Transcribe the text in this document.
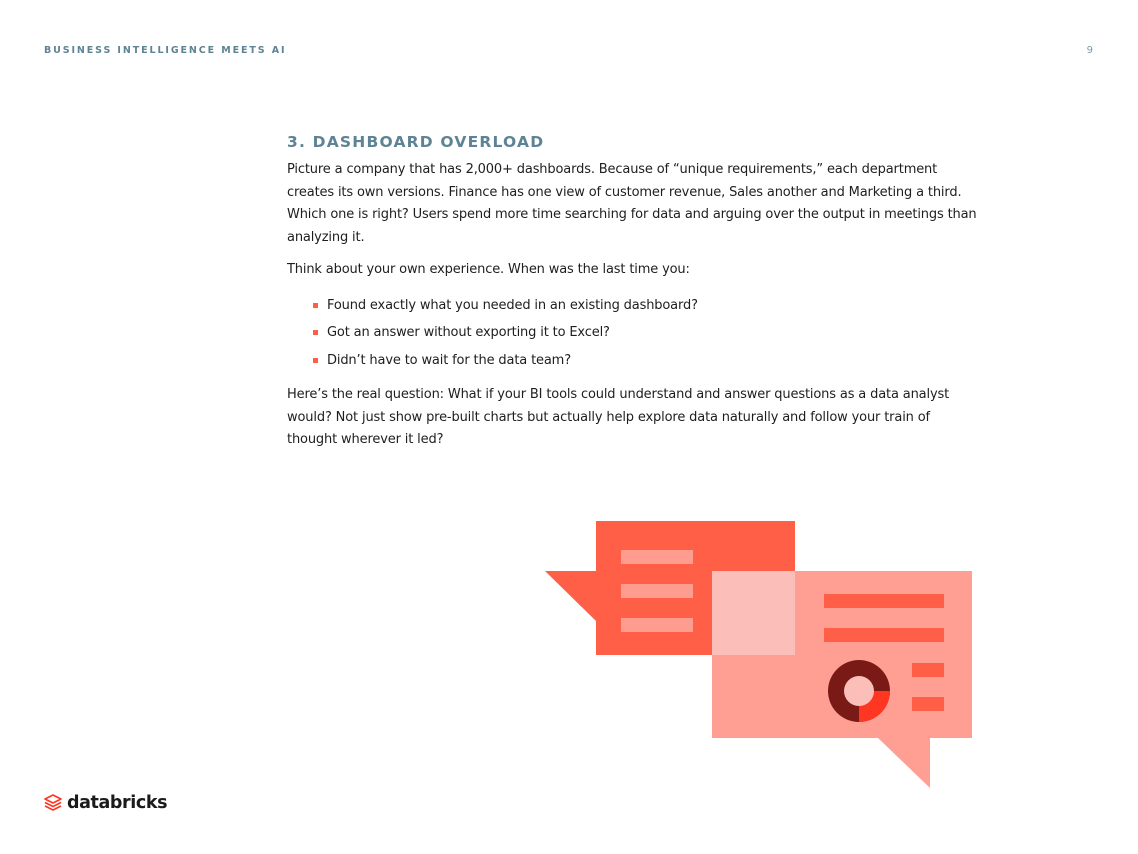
BUSINESS INTELLIGENCE MEETS AI	9
3. DASHBOARD OVERLOAD

Picture a company that has 2,000+ dashboards. Because of “unique requirements,” each department creates its own versions. Finance has one view of customer revenue, Sales another and Marketing a third. Which one is right? Users spend more time searching for data and arguing over the output in meetings than analyzing it.

Think about your own experience. When was the last time you:

Found exactly what you needed in an existing dashboard?
Got an answer without exporting it to Excel?
Didn’t have to wait for the data team?

Here’s the real question: What if your BI tools could understand and answer questions as a data analyst would? Not just show pre-built charts but actually help explore data naturally and follow your train of thought wherever it led?

databricks
